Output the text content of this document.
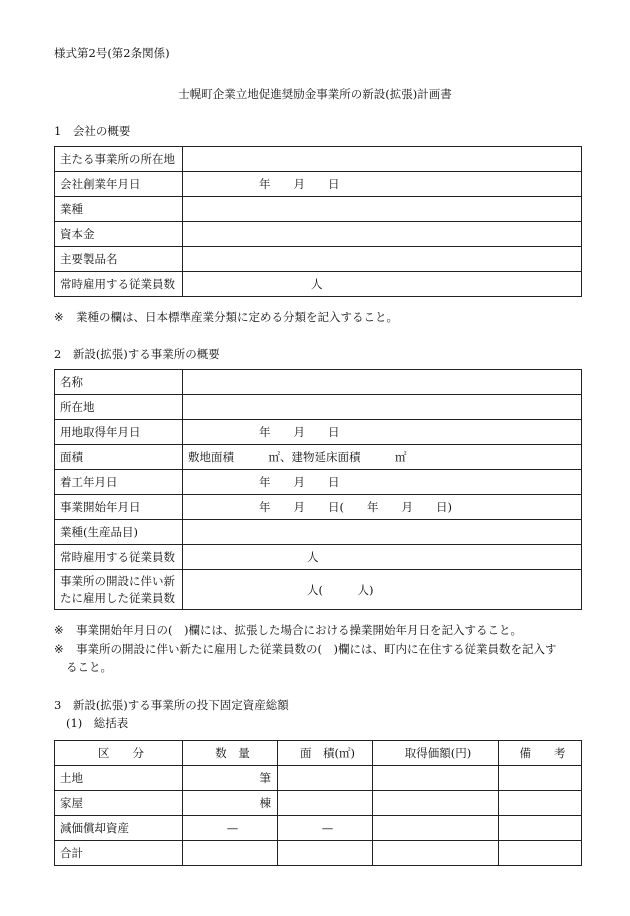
様式第2号(第2条関係)
士幌町企業立地促進奨励金事業所の新設(拡張)計画書
1　会社の概要
主たる事業所の所在地	
会社創業年月日	年　　月　　日
業種	
資本金	
主要製品名	
常時雇用する従業員数	人
※ 業種の欄は、日本標準産業分類に定める分類を記入すること。
2　新設(拡張)する事業所の概要
名称	
所在地	
用地取得年月日	年　　月　　日
面積	敷地面積　　　㎡、建物延床面積　　　㎡
着工年月日	年　　月　　日
事業開始年月日	年　　月　　日(　　年　　月　　日)
業種(生産品目)	
常時雇用する従業員数	人

事業所の開設に伴い新
たに雇用した従業員数	人(　　　人)
※ 事業開始年月日の(　)欄には、拡張した場合における操業開始年月日を記入すること。
※ 事業所の開設に伴い新たに雇用した従業員数の(　)欄には、町内に在住する従業員数を記入す
ること。
3　新設(拡張)する事業所の投下固定資産総額
(1)　総括表
区　　分	数　量	面　積(㎡)	取得価額(円)	備　　考
土地	筆			
家屋	棟			
減価償却資産	—	—		
合計				
